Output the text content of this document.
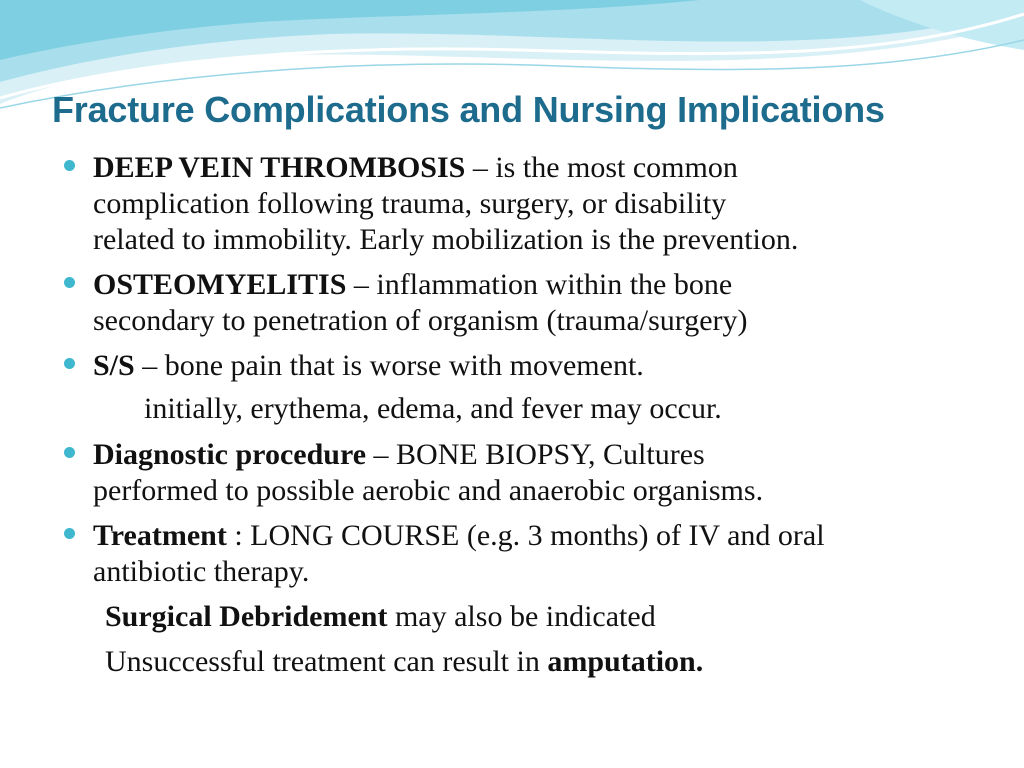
Fracture Complications and Nursing Implications
DEEP VEIN THROMBOSIS – is the most common
complication following trauma, surgery, or disability
related to immobility. Early mobilization is the prevention.
OSTEOMYELITIS – inflammation within the bone
secondary to penetration of organism (trauma/surgery)
S/S – bone pain that is worse with movement.
initially, erythema, edema, and fever may occur.
Diagnostic procedure – BONE BIOPSY, Cultures
performed to possible aerobic and anaerobic organisms.
Treatment : LONG COURSE (e.g. 3 months) of IV and oral
antibiotic therapy.
Surgical Debridement may also be indicated
Unsuccessful treatment can result in amputation.
